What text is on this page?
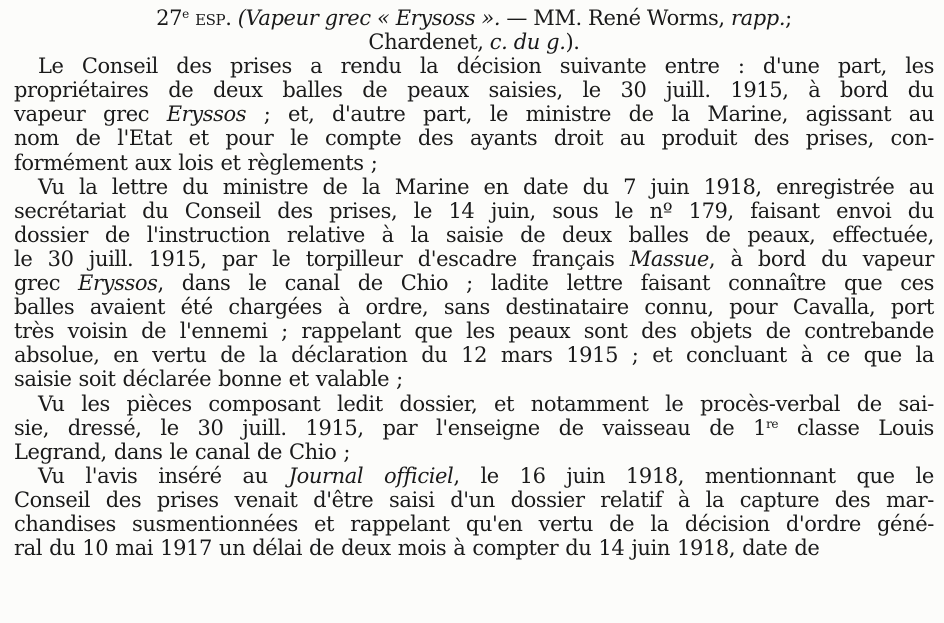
27e esp. (Vapeur grec « Erysoss ».
—
MM. René Worms,
rapp. ;
Chardenet,
c. du g. ).
Le Conseil des prises a rendu la décision suivante entre : d'une part, les
propriétaires de deux balles de peaux saisies, le 30 juill. 1915, à bord du
vapeur grec Eryssos ; et, d'autre part, le ministre de la Marine, agissant au
nom de l'Etat et pour le compte des ayants droit au produit des prises, con-
formément aux lois et règlements ;
Vu la lettre du ministre de la Marine en date du 7 juin 1918, enregistrée au
secrétariat du Conseil des prises, le 14 juin, sous le nº 179, faisant envoi du
dossier de l'instruction relative à la saisie de deux balles de peaux, effectuée,
le 30 juill. 1915, par le torpilleur d'escadre français Massue, à bord du vapeur
grec Eryssos, dans le canal de Chio ; ladite lettre faisant connaître que ces
balles avaient été chargées à ordre, sans destinataire connu, pour Cavalla, port
très voisin de l'ennemi ; rappelant que les peaux sont des objets de contrebande
absolue, en vertu de la déclaration du 12 mars 1915 ; et concluant à ce que la
saisie soit déclarée bonne et valable ;
Vu les pièces composant ledit dossier, et notamment le procès-verbal de sai-
sie, dressé, le 30 juill. 1915, par l'enseigne de vaisseau de 1re classe Louis
Legrand, dans le canal de Chio ;
Vu l'avis inséré au Journal officiel, le 16 juin 1918, mentionnant que le
Conseil des prises venait d'être saisi d'un dossier relatif à la capture des mar-
chandises susmentionnées et rappelant qu'en vertu de la décision d'ordre géné-
ral du 10 mai 1917 un délai de deux mois à compter du 14 juin 1918, date de
